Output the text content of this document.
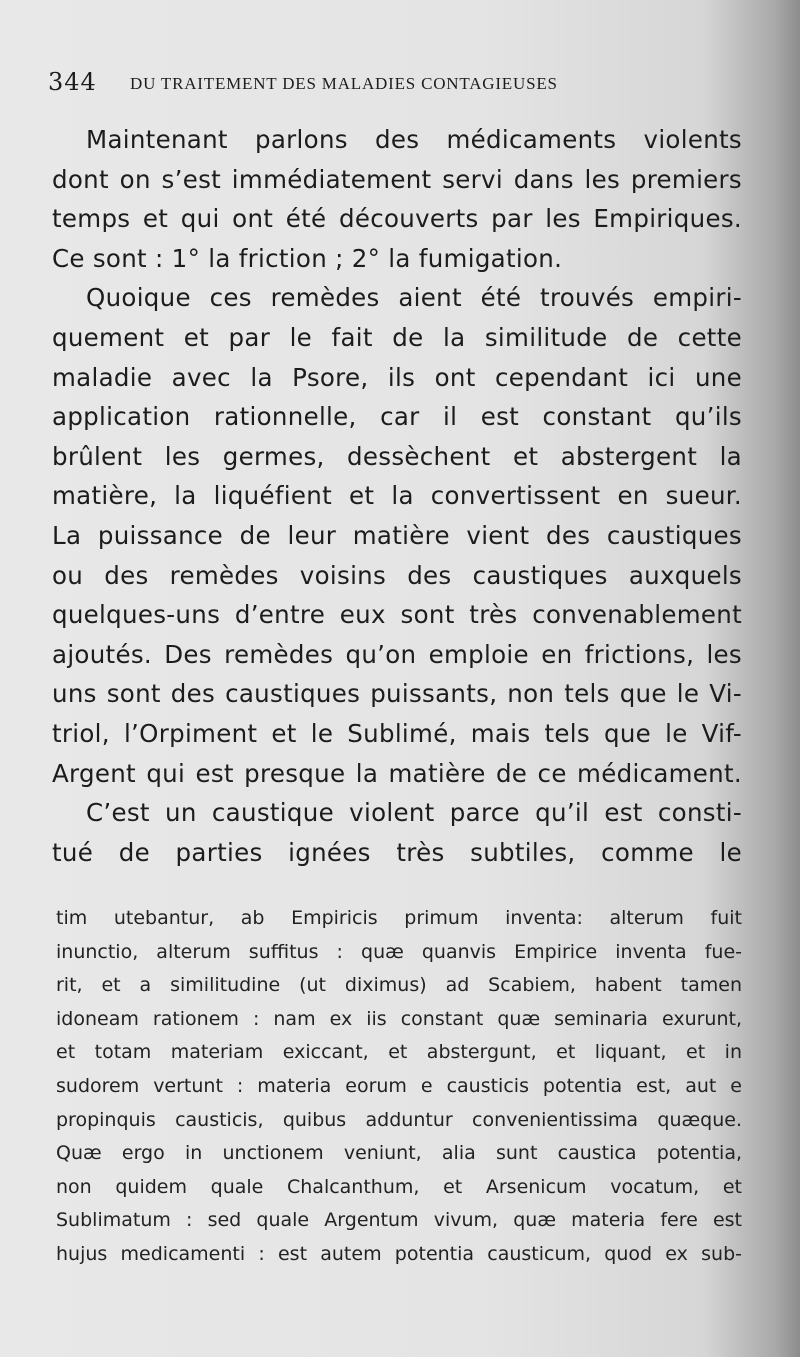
344 DU TRAITEMENT DES MALADIES CONTAGIEUSES
Maintenant parlons des médicaments violents
dont on s’est immédiatement servi dans les premiers
temps et qui ont été découverts par les Empiriques.
Ce sont : 1° la friction ; 2° la fumigation.
Quoique ces remèdes aient été trouvés empiri-
quement et par le fait de la similitude de cette
maladie avec la Psore, ils ont cependant ici une
application rationnelle, car il est constant qu’ils
brûlent les germes, dessèchent et abstergent la
matière, la liquéfient et la convertissent en sueur.
La puissance de leur matière vient des caustiques
ou des remèdes voisins des caustiques auxquels
quelques-uns d’entre eux sont très convenablement
ajoutés. Des remèdes qu’on emploie en frictions, les
uns sont des caustiques puissants, non tels que le Vi-
triol, l’Orpiment et le Sublimé, mais tels que le Vif-
Argent qui est presque la matière de ce médicament.
C’est un caustique violent parce qu’il est consti-
tué de parties ignées très subtiles, comme le
tim utebantur, ab Empiricis primum inventa: alterum fuit
inunctio, alterum suffitus : quæ quanvis Empirice inventa fue-
rit, et a similitudine (ut diximus) ad Scabiem, habent tamen
idoneam rationem : nam ex iis constant quæ seminaria exurunt,
et totam materiam exiccant, et abstergunt, et liquant, et in
sudorem vertunt : materia eorum e causticis potentia est, aut e
propinquis causticis, quibus adduntur convenientissima quæque.
Quæ ergo in unctionem veniunt, alia sunt caustica potentia,
non quidem quale Chalcanthum, et Arsenicum vocatum, et
Sublimatum : sed quale Argentum vivum, quæ materia fere est
hujus medicamenti : est autem potentia causticum, quod ex sub-
